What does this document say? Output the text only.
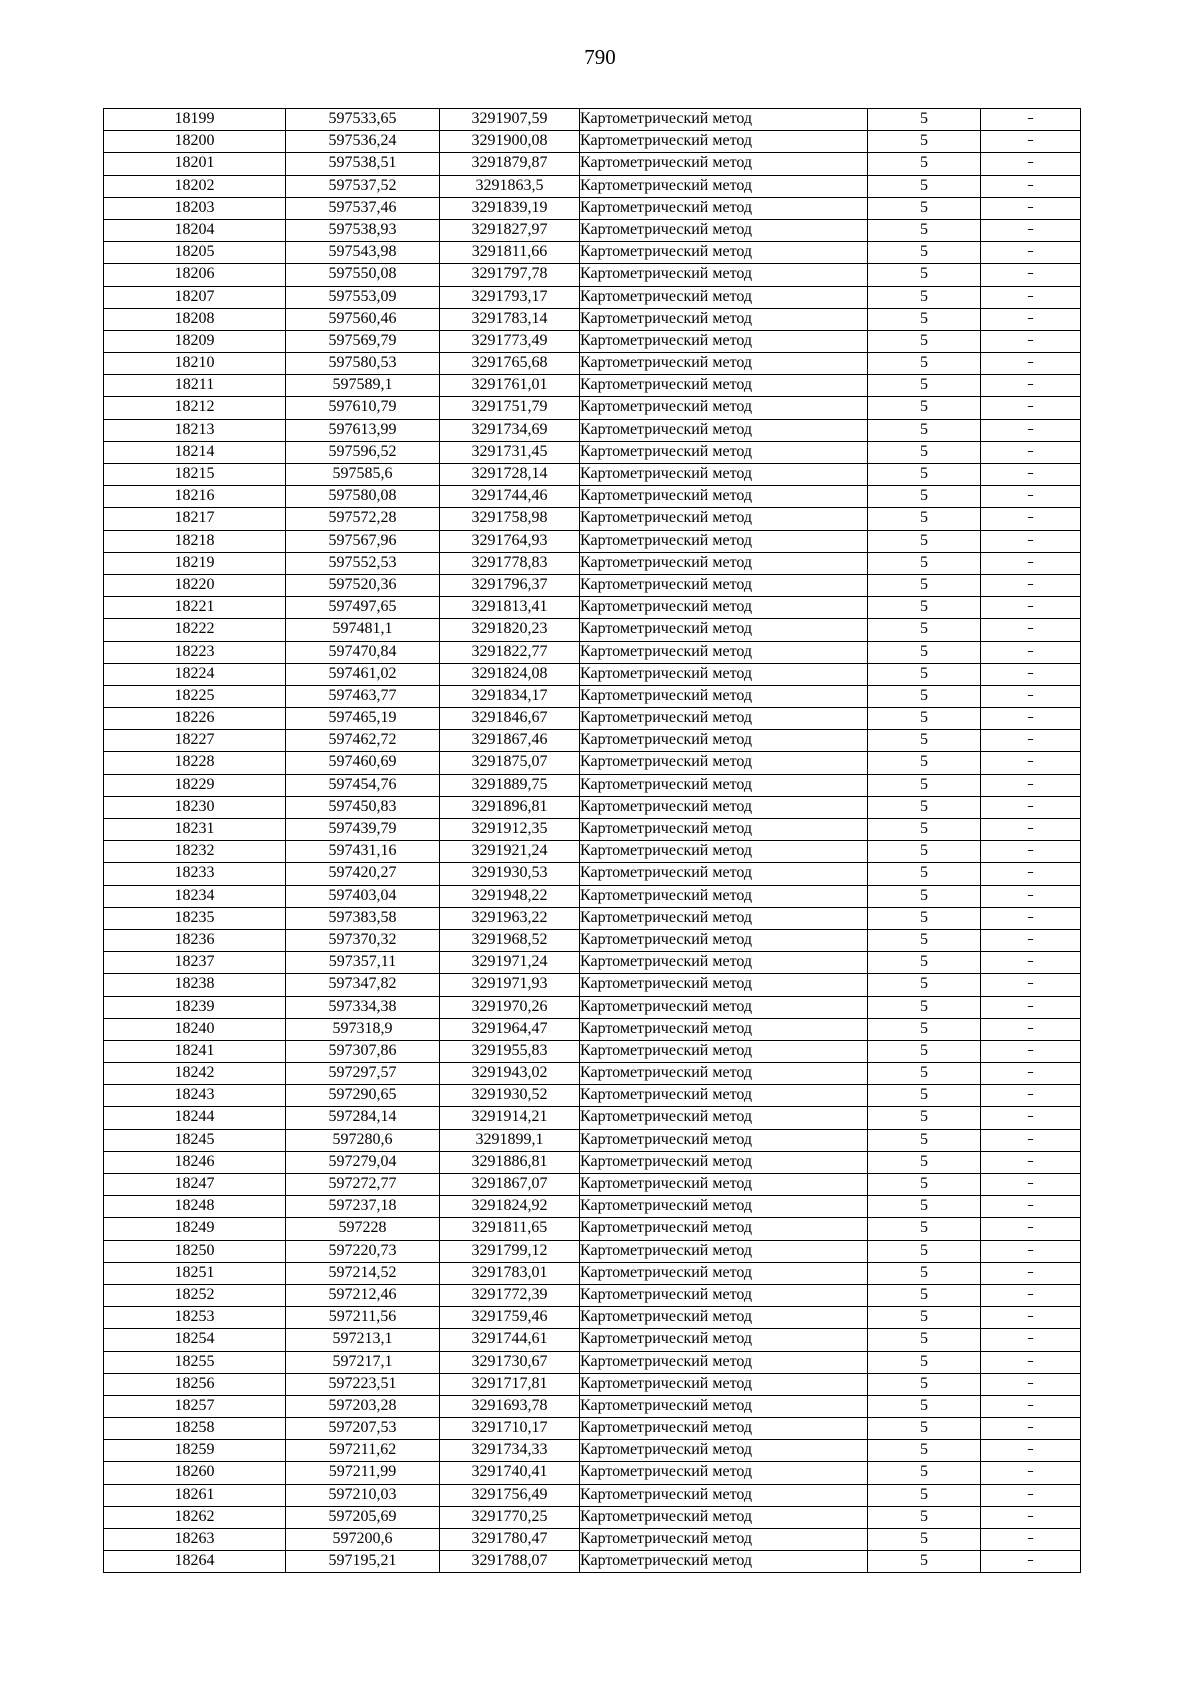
790
18199	597533,65	3291907,59	Картометрический метод	5	–
18200	597536,24	3291900,08	Картометрический метод	5	–
18201	597538,51	3291879,87	Картометрический метод	5	–
18202	597537,52	3291863,5	Картометрический метод	5	–
18203	597537,46	3291839,19	Картометрический метод	5	–
18204	597538,93	3291827,97	Картометрический метод	5	–
18205	597543,98	3291811,66	Картометрический метод	5	–
18206	597550,08	3291797,78	Картометрический метод	5	–
18207	597553,09	3291793,17	Картометрический метод	5	–
18208	597560,46	3291783,14	Картометрический метод	5	–
18209	597569,79	3291773,49	Картометрический метод	5	–
18210	597580,53	3291765,68	Картометрический метод	5	–
18211	597589,1	3291761,01	Картометрический метод	5	–
18212	597610,79	3291751,79	Картометрический метод	5	–
18213	597613,99	3291734,69	Картометрический метод	5	–
18214	597596,52	3291731,45	Картометрический метод	5	–
18215	597585,6	3291728,14	Картометрический метод	5	–
18216	597580,08	3291744,46	Картометрический метод	5	–
18217	597572,28	3291758,98	Картометрический метод	5	–
18218	597567,96	3291764,93	Картометрический метод	5	–
18219	597552,53	3291778,83	Картометрический метод	5	–
18220	597520,36	3291796,37	Картометрический метод	5	–
18221	597497,65	3291813,41	Картометрический метод	5	–
18222	597481,1	3291820,23	Картометрический метод	5	–
18223	597470,84	3291822,77	Картометрический метод	5	–
18224	597461,02	3291824,08	Картометрический метод	5	–
18225	597463,77	3291834,17	Картометрический метод	5	–
18226	597465,19	3291846,67	Картометрический метод	5	–
18227	597462,72	3291867,46	Картометрический метод	5	–
18228	597460,69	3291875,07	Картометрический метод	5	–
18229	597454,76	3291889,75	Картометрический метод	5	–
18230	597450,83	3291896,81	Картометрический метод	5	–
18231	597439,79	3291912,35	Картометрический метод	5	–
18232	597431,16	3291921,24	Картометрический метод	5	–
18233	597420,27	3291930,53	Картометрический метод	5	–
18234	597403,04	3291948,22	Картометрический метод	5	–
18235	597383,58	3291963,22	Картометрический метод	5	–
18236	597370,32	3291968,52	Картометрический метод	5	–
18237	597357,11	3291971,24	Картометрический метод	5	–
18238	597347,82	3291971,93	Картометрический метод	5	–
18239	597334,38	3291970,26	Картометрический метод	5	–
18240	597318,9	3291964,47	Картометрический метод	5	–
18241	597307,86	3291955,83	Картометрический метод	5	–
18242	597297,57	3291943,02	Картометрический метод	5	–
18243	597290,65	3291930,52	Картометрический метод	5	–
18244	597284,14	3291914,21	Картометрический метод	5	–
18245	597280,6	3291899,1	Картометрический метод	5	–
18246	597279,04	3291886,81	Картометрический метод	5	–
18247	597272,77	3291867,07	Картометрический метод	5	–
18248	597237,18	3291824,92	Картометрический метод	5	–
18249	597228	3291811,65	Картометрический метод	5	–
18250	597220,73	3291799,12	Картометрический метод	5	–
18251	597214,52	3291783,01	Картометрический метод	5	–
18252	597212,46	3291772,39	Картометрический метод	5	–
18253	597211,56	3291759,46	Картометрический метод	5	–
18254	597213,1	3291744,61	Картометрический метод	5	–
18255	597217,1	3291730,67	Картометрический метод	5	–
18256	597223,51	3291717,81	Картометрический метод	5	–
18257	597203,28	3291693,78	Картометрический метод	5	–
18258	597207,53	3291710,17	Картометрический метод	5	–
18259	597211,62	3291734,33	Картометрический метод	5	–
18260	597211,99	3291740,41	Картометрический метод	5	–
18261	597210,03	3291756,49	Картометрический метод	5	–
18262	597205,69	3291770,25	Картометрический метод	5	–
18263	597200,6	3291780,47	Картометрический метод	5	–
18264	597195,21	3291788,07	Картометрический метод	5	–
